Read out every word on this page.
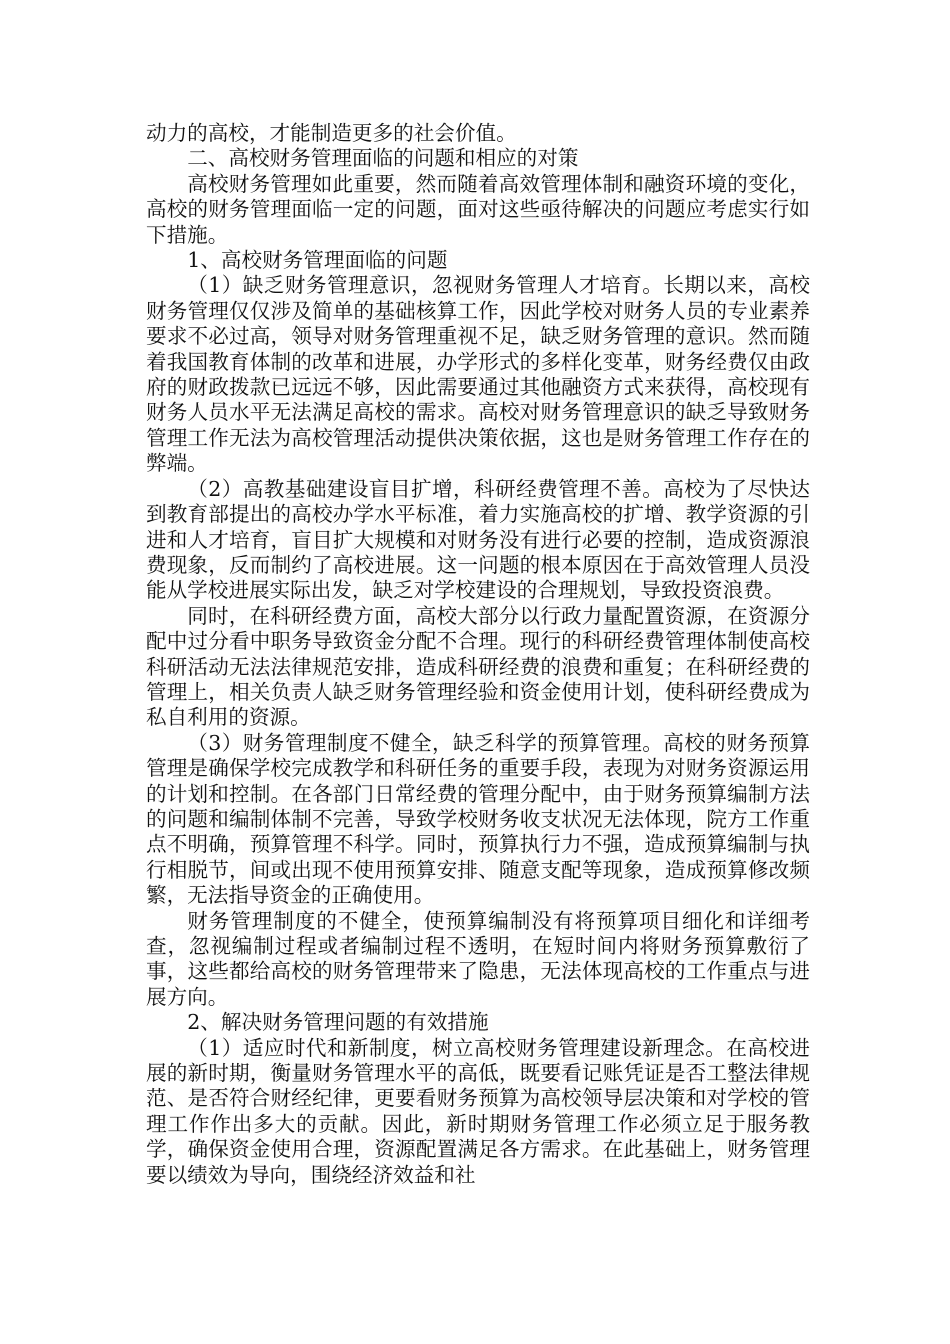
动力的高校，才能制造更多的社会价值。

二、高校财务管理面临的问题和相应的对策

高校财务管理如此重要，然而随着高效管理体制和融资环境的变化，高校的财务管理面临一定的问题，面对这些亟待解决的问题应考虑实行如下措施。

1、高校财务管理面临的问题

（1）缺乏财务管理意识，忽视财务管理人才培育。长期以来，高校财务管理仅仅涉及简单的基础核算工作，因此学校对财务人员的专业素养要求不必过高，领导对财务管理重视不足，缺乏财务管理的意识。然而随着我国教育体制的改革和进展，办学形式的多样化变革，财务经费仅由政府的财政拨款已远远不够，因此需要通过其他融资方式来获得，高校现有财务人员水平无法满足高校的需求。高校对财务管理意识的缺乏导致财务管理工作无法为高校管理活动提供决策依据，这也是财务管理工作存在的弊端。

（2）高教基础建设盲目扩增，科研经费管理不善。高校为了尽快达到教育部提出的高校办学水平标准，着力实施高校的扩增、教学资源的引进和人才培育，盲目扩大规模和对财务没有进行必要的控制，造成资源浪费现象，反而制约了高校进展。这一问题的根本原因在于高效管理人员没能从学校进展实际出发，缺乏对学校建设的合理规划，导致投资浪费。

同时，在科研经费方面，高校大部分以行政力量配置资源，在资源分配中过分看中职务导致资金分配不合理。现行的科研经费管理体制使高校科研活动无法法律规范安排，造成科研经费的浪费和重复；在科研经费的管理上，相关负责人缺乏财务管理经验和资金使用计划，使科研经费成为私自利用的资源。

（3）财务管理制度不健全，缺乏科学的预算管理。高校的财务预算管理是确保学校完成教学和科研任务的重要手段，表现为对财务资源运用的计划和控制。在各部门日常经费的管理分配中，由于财务预算编制方法的问题和编制体制不完善，导致学校财务收支状况无法体现，院方工作重点不明确，预算管理不科学。同时，预算执行力不强，造成预算编制与执行相脱节，间或出现不使用预算安排、随意支配等现象，造成预算修改频繁，无法指导资金的正确使用。

财务管理制度的不健全，使预算编制没有将预算项目细化和详细考查，忽视编制过程或者编制过程不透明，在短时间内将财务预算敷衍了事，这些都给高校的财务管理带来了隐患，无法体现高校的工作重点与进展方向。

2、解决财务管理问题的有效措施

（1）适应时代和新制度，树立高校财务管理建设新理念。在高校进展的新时期，衡量财务管理水平的高低，既要看记账凭证是否工整法律规范、是否符合财经纪律，更要看财务预算为高校领导层决策和对学校的管理工作作出多大的贡献。因此，新时期财务管理工作必须立足于服务教学，确保资金使用合理，资源配置满足各方需求。在此基础上，财务管理要以绩效为导向，围绕经济效益和社
